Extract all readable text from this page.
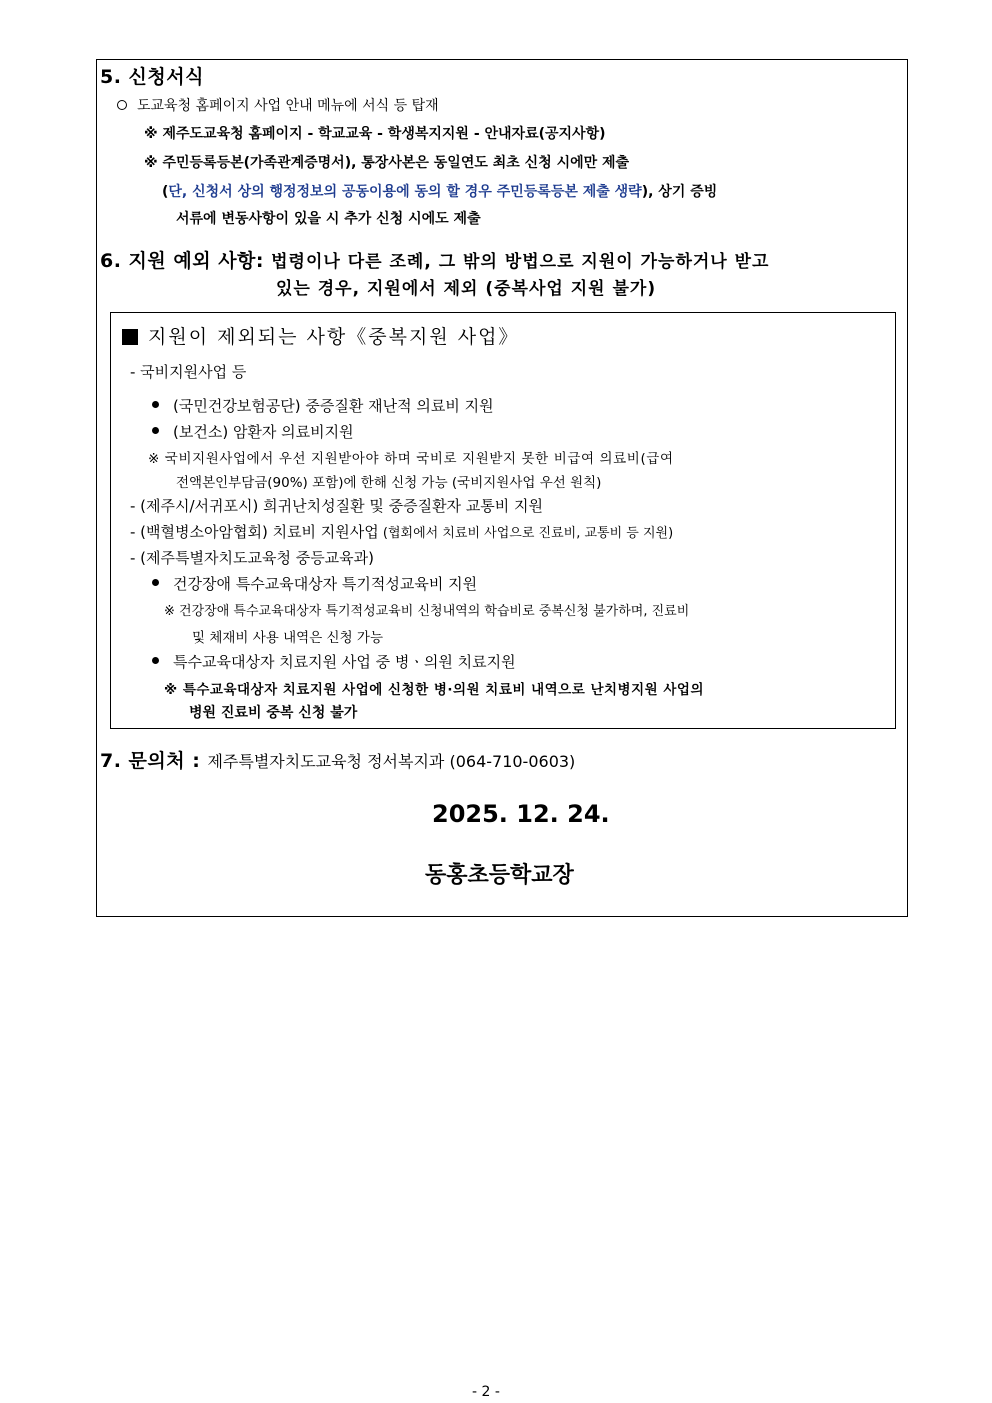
5. 신청서식
도교육청 홈페이지 사업 안내 메뉴에 서식 등 탑재
※ 제주도교육청 홈페이지 - 학교교육 - 학생복지지원 - 안내자료(공지사항)
※ 주민등록등본(가족관계증명서), 통장사본은 동일연도 최초 신청 시에만 제출
(단, 신청서 상의 행정정보의 공동이용에 동의 할 경우 주민등록등본 제출 생략), 상기 증빙
서류에 변동사항이 있을 시 추가 신청 시에도 제출
6. 지원 예외 사항: 법령이나 다른 조례, 그 밖의 방법으로 지원이 가능하거나 받고
있는 경우, 지원에서 제외 (중복사업 지원 불가)
지원이 제외되는 사항《중복지원 사업》
- 국비지원사업 등
(국민건강보험공단) 중증질환 재난적 의료비 지원
(보건소) 암환자 의료비지원
※ 국비지원사업에서 우선 지원받아야 하며 국비로 지원받지 못한 비급여 의료비(급여
전액본인부담금(90%) 포함)에 한해 신청 가능 (국비지원사업 우선 원칙)
- (제주시/서귀포시) 희귀난치성질환 및 중증질환자 교통비 지원
- (백혈병소아암협회) 치료비 지원사업 (협회에서 치료비 사업으로 진료비, 교통비 등 지원)
- (제주특별자치도교육청 중등교육과)
건강장애 특수교육대상자 특기적성교육비 지원
※ 건강장애 특수교육대상자 특기적성교육비 신청내역의 학습비로 중복신청 불가하며, 진료비
및 체재비 사용 내역은 신청 가능
특수교육대상자 치료지원 사업 중 병ㆍ의원 치료지원
※ 특수교육대상자 치료지원 사업에 신청한 병·의원 치료비 내역으로 난치병지원 사업의
병원 진료비 중복 신청 불가
7. 문의처 : 제주특별자치도교육청 정서복지과 (064-710-0603)
2025. 12. 24.
동홍초등학교장
- 2 -
